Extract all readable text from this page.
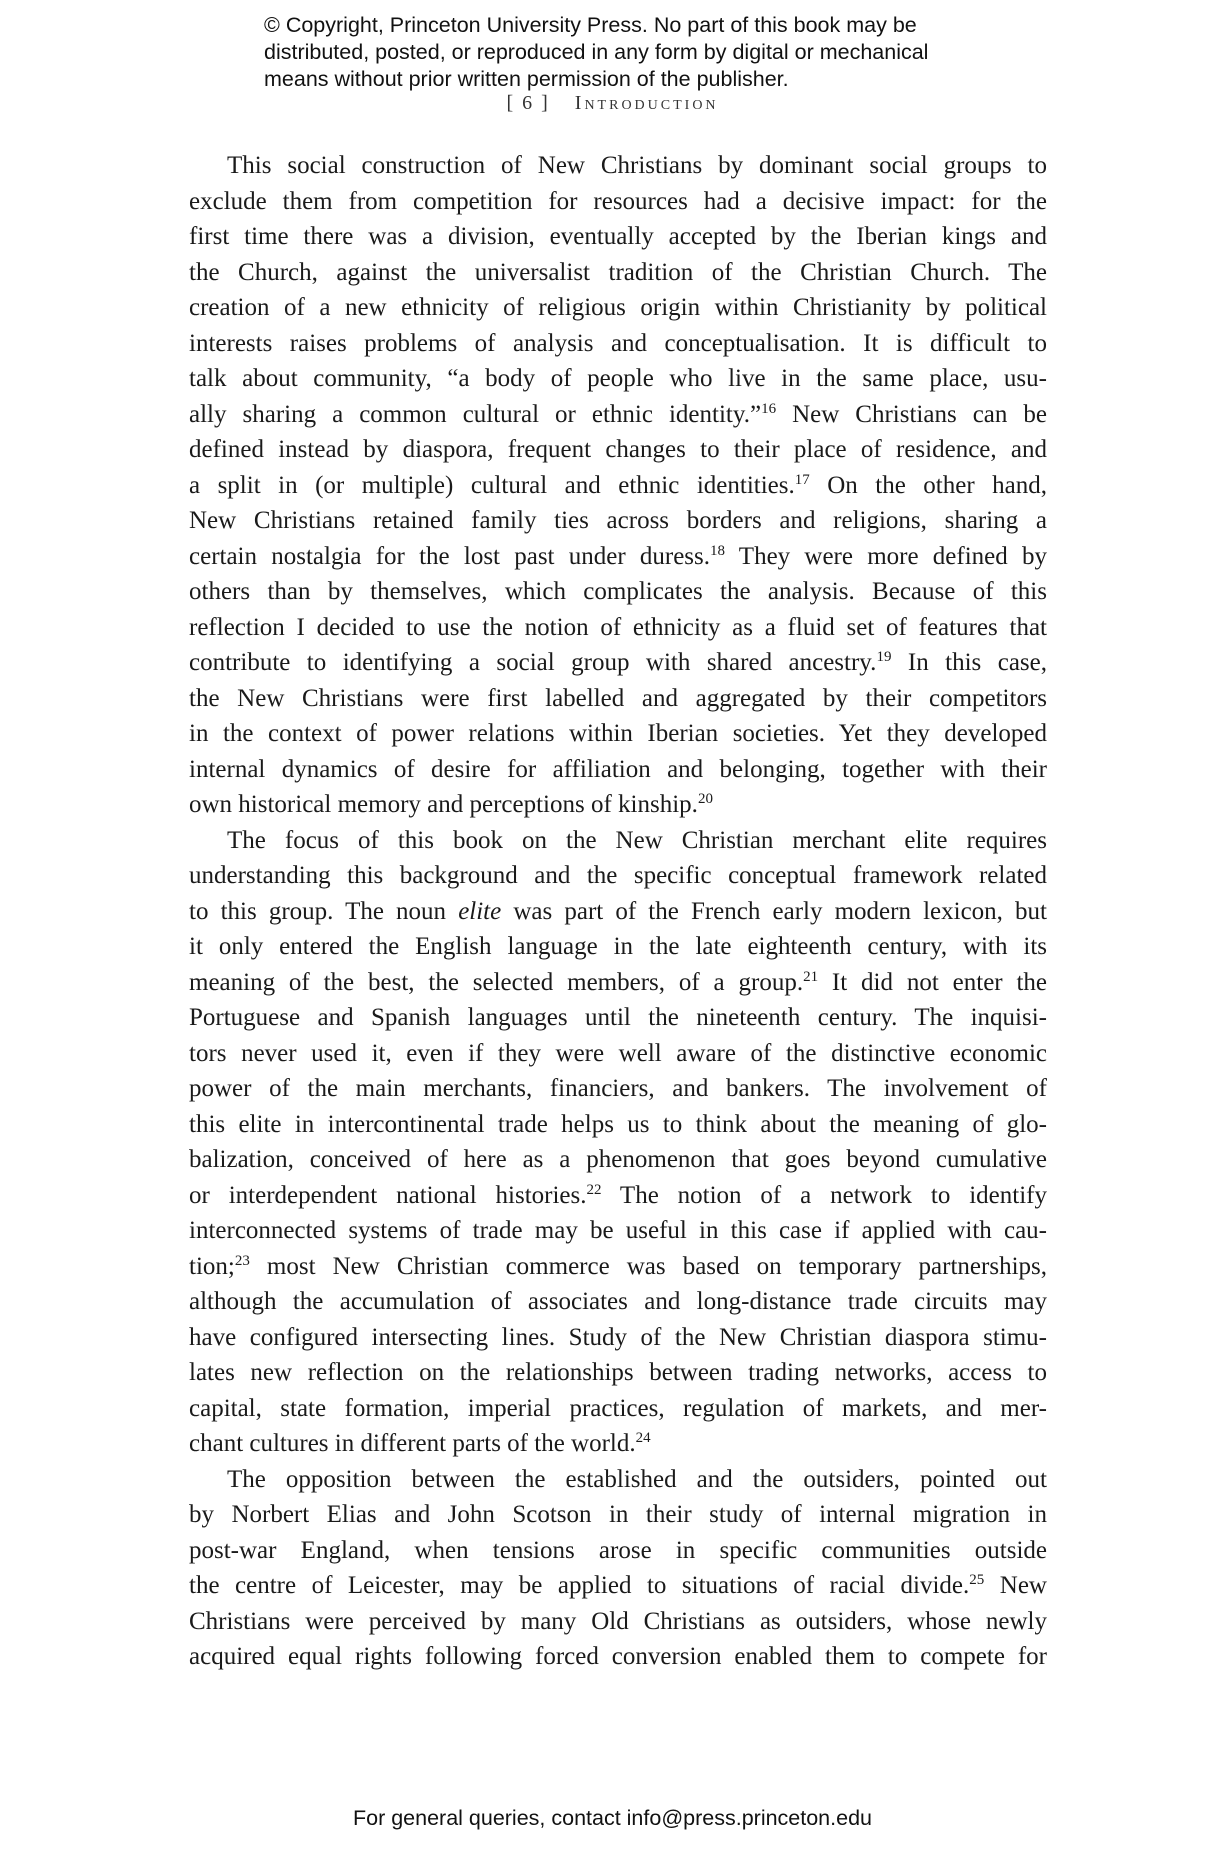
© Copyright, Princeton University Press. No part of this book may be
distributed, posted, or reproduced in any form by digital or mechanical
means without prior written permission of the publisher.
[ 6 ] Introduction
This social construction of New Christians by dominant social groups to
exclude them from competition for resources had a decisive impact: for the
first time there was a division, eventually accepted by the Iberian kings and
the Church, against the universalist tradition of the Christian Church. The
creation of a new ethnicity of religious origin within Christianity by political
interests raises problems of analysis and conceptualisation. It is difficult to
talk about community, “a body of people who live in the same place, usu-
ally sharing a common cultural or ethnic identity.”$^{16}$ New Christians can be
defined instead by diaspora, frequent changes to their place of residence, and
a split in (or multiple) cultural and ethnic identities.$^{17}$ On the other hand,
New Christians retained family ties across borders and religions, sharing a
certain nostalgia for the lost past under duress.$^{18}$ They were more defined by
others than by themselves, which complicates the analysis. Because of this
reflection I decided to use the notion of ethnicity as a fluid set of features that
contribute to identifying a social group with shared ancestry.$^{19}$ In this case,
the New Christians were first labelled and aggregated by their competitors
in the context of power relations within Iberian societies. Yet they developed
internal dynamics of desire for affiliation and belonging, together with their
own historical memory and perceptions of kinship.$^{20}$
The focus of this book on the New Christian merchant elite requires
understanding this background and the specific conceptual framework related
to this group. The noun elite was part of the French early modern lexicon, but
it only entered the English language in the late eighteenth century, with its
meaning of the best, the selected members, of a group.$^{21}$ It did not enter the
Portuguese and Spanish languages until the nineteenth century. The inquisi-
tors never used it, even if they were well aware of the distinctive economic
power of the main merchants, financiers, and bankers. The involvement of
this elite in intercontinental trade helps us to think about the meaning of glo-
balization, conceived of here as a phenomenon that goes beyond cumulative
or interdependent national histories.$^{22}$ The notion of a network to identify
interconnected systems of trade may be useful in this case if applied with cau-
tion;$^{23}$ most New Christian commerce was based on temporary partnerships,
although the accumulation of associates and long-distance trade circuits may
have configured intersecting lines. Study of the New Christian diaspora stimu-
lates new reflection on the relationships between trading networks, access to
capital, state formation, imperial practices, regulation of markets, and mer-
chant cultures in different parts of the world.$^{24}$
The opposition between the established and the outsiders, pointed out
by Norbert Elias and John Scotson in their study of internal migration in
post-war England, when tensions arose in specific communities outside
the centre of Leicester, may be applied to situations of racial divide.$^{25}$ New
Christians were perceived by many Old Christians as outsiders, whose newly
acquired equal rights following forced conversion enabled them to compete for
For general queries, contact info@press.princeton.edu
